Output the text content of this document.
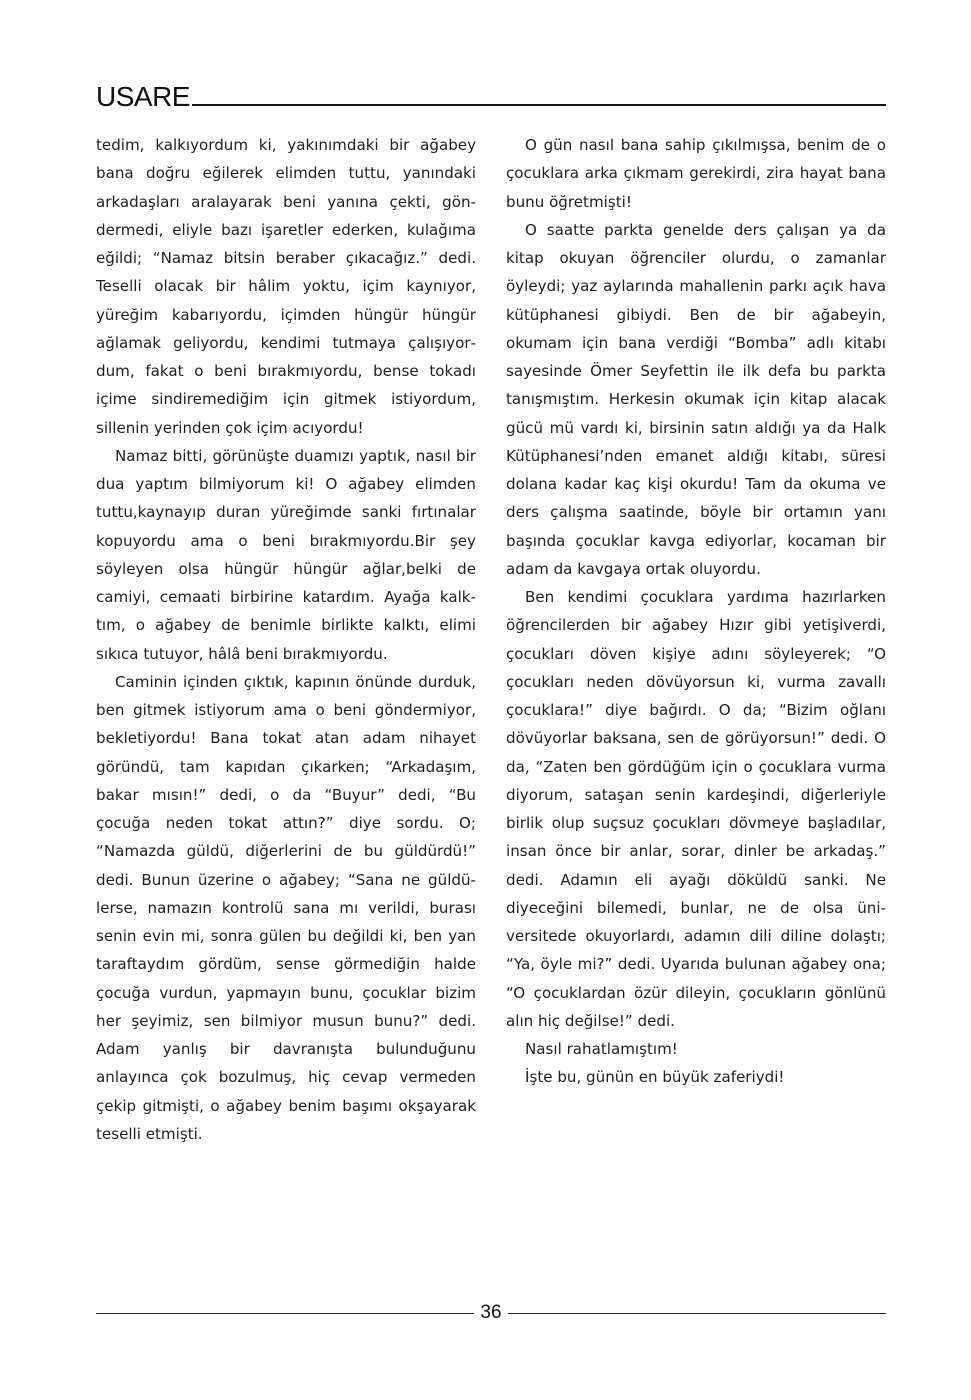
USARE

tedim, kalkıyordum ki, yakınımdaki bir ağabey bana doğru eğilerek elimden tuttu, yanındaki arkadaşları aralayarak beni yanına çekti, göndermedi, eliyle bazı işaretler ederken, kulağıma eğildi; “Namaz bitsin beraber çıkacağız.” dedi. Teselli olacak bir hâlim yoktu, içim kaynıyor, yüreğim kabarıyordu, içimden hüngür hüngür ağlamak geliyordu, kendimi tutmaya çalışıyordum, fakat o beni bırakmıyordu, bense tokadı içime sindiremediğim için gitmek istiyordum, sillenin yerinden çok içim acıyordu!

Namaz bitti, görünüşte duamızı yaptık, nasıl bir dua yaptım bilmiyorum ki! O ağabey elimden tuttu,kaynayıp duran yüreğimde sanki fırtınalar kopuyordu ama o beni bırakmıyordu.Bir şey söyleyen olsa hüngür hüngür ağlar,belki de camiyi, cemaati birbirine katardım. Ayağa kalktım, o ağabey de benimle birlikte kalktı, elimi sıkıca tutuyor, hâlâ beni bırakmıyordu.

Caminin içinden çıktık, kapının önünde durduk, ben gitmek istiyorum ama o beni göndermiyor, bekletiyordu! Bana tokat atan adam nihayet göründü, tam kapıdan çıkarken; “Arkadaşım, bakar mısın!” dedi, o da “Buyur” dedi, “Bu çocuğa neden tokat attın?” diye sordu. O; “Namazda güldü, diğerlerini de bu güldürdü!” dedi. Bunun üzerine o ağabey; “Sana ne güldülerse, namazın kontrolü sana mı verildi, burası senin evin mi, sonra gülen bu değildi ki, ben yan taraftaydım gördüm, sense görmediğin halde çocuğa vurdun, yapmayın bunu, çocuklar bizim her şeyimiz, sen bilmiyor musun bunu?” dedi. Adam yanlış bir davranışta bulunduğunu anlayınca çok bozulmuş, hiç cevap vermeden çekip gitmişti, o ağabey benim başımı okşayarak teselli etmişti.

O gün nasıl bana sahip çıkılmışsa, benim de o çocuklara arka çıkmam gerekirdi, zira hayat bana bunu öğretmişti!

O saatte parkta genelde ders çalışan ya da kitap okuyan öğrenciler olurdu, o zamanlar öyleydi; yaz aylarında mahallenin parkı açık hava kütüphanesi gibiydi. Ben de bir ağabeyin, okumam için bana verdiği “Bomba” adlı kitabı sayesinde Ömer Seyfettin ile ilk defa bu parkta tanışmıştım. Herkesin okumak için kitap alacak gücü mü vardı ki, birsinin satın aldığı ya da Halk Kütüphanesi’nden emanet aldığı kitabı, süresi dolana kadar kaç kişi okurdu! Tam da okuma ve ders çalışma saatinde, böyle bir ortamın yanı başında çocuklar kavga ediyorlar, kocaman bir adam da kavgaya ortak oluyordu.

Ben kendimi çocuklara yardıma hazırlarken öğrencilerden bir ağabey Hızır gibi yetişiverdi, çocukları döven kişiye adını söyleyerek; “O çocukları neden dövüyorsun ki, vurma zavallı çocuklara!” diye bağırdı. O da; “Bizim oğlanı dövüyorlar baksana, sen de görüyorsun!” dedi. O da, “Zaten ben gördüğüm için o çocuklara vurma diyorum, sataşan senin kardeşindi, diğerleriyle birlik olup suçsuz çocukları dövmeye başladılar, insan önce bir anlar, sorar, dinler be arkadaş.” dedi. Adamın eli ayağı döküldü sanki. Ne diyeceğini bilemedi, bunlar, ne de olsa üniversitede okuyorlardı, adamın dili diline dolaştı; “Ya, öyle mi?” dedi. Uyarıda bulunan ağabey ona; “O çocuklardan özür dileyin, çocukların gönlünü alın hiç değilse!” dedi.

Nasıl rahatlamıştım!

İşte bu, günün en büyük zaferiydi!

36
